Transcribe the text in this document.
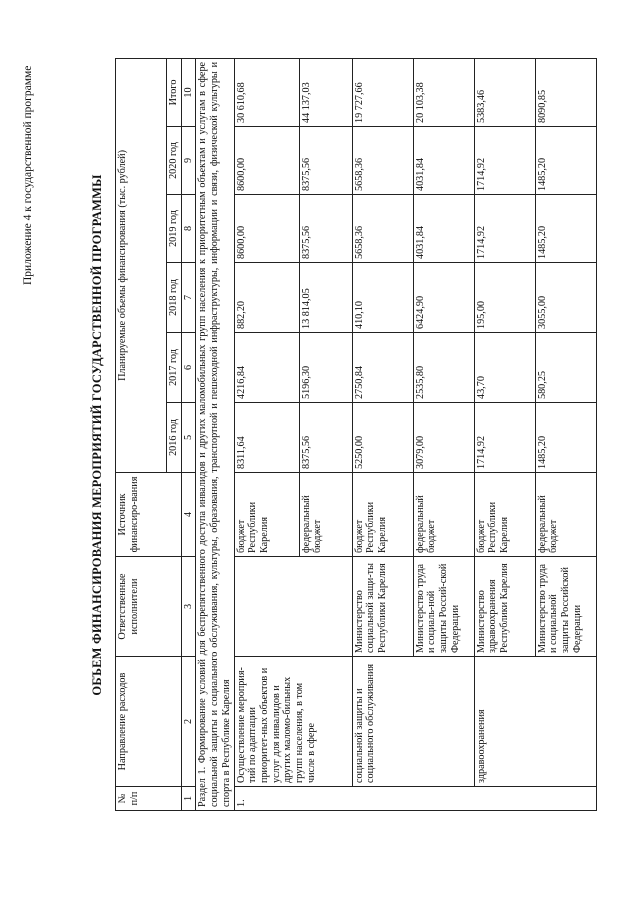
Приложение 4 к государственной программе	ОБЪЕМ ФИНАНСИРОВАНИЯ МЕРОПРИЯТИЙ ГОСУДАРСТВЕННОЙ ПРОГРАММЫ
№ п/п	Направление расходов	Ответственные исполнители	Источник финансиро-вания	Планируемые объемы финансирования (тыс. рублей)					
				2016 год	2017 год	2018 год	2019 год	2020 год	Итого
1	2	3	4	5	6	7	8	9	10
Раздел 1. Формирование условий для беспрепятственного доступа инвалидов и других маломобильных групп населения к приоритетным объектам и услугам в сфере социальной защиты и социального обслуживания, культуры, образования, транспортной и пешеходной инфраструктуры, информации и связи, физической культуры и спорта в Республике Карелия									
1.	Осуществление мероприя-тий по адаптации приоритет-ных объектов и услуг для инвалидов и других маломо-бильных групп населения, в том числе в сфере		бюджет Республики Карелия	8311,64	4216,84	882,20	8600,00	8600,00	30 610,68
			федеральный бюджет	8375,56	5196,30	13 814,05	8375,56	8375,56	44 137,03
	социальной защиты и социального обслуживания	Министерство социальной защи-ты Республики Карелия	бюджет Республики Карелия	5250,00	2750,84	410,10	5658,36	5658,36	19 727,66
		Министерство труда и социаль-ной защиты Россий-ской Федерации	федеральный бюджет	3079,00	2535,80	6424,90	4031,84	4031,84	20 103,38
	здравоохранения	Министерство здравоохранения Республики Карелия	бюджет Республики Карелия	1714,92	43,70	195,00	1714,92	1714,92	5383,46
		Министерство труда и социальной защиты Российской Федерации	федеральный бюджет	1485,20	580,25	3055,00	1485,20	1485,20	8090,85
